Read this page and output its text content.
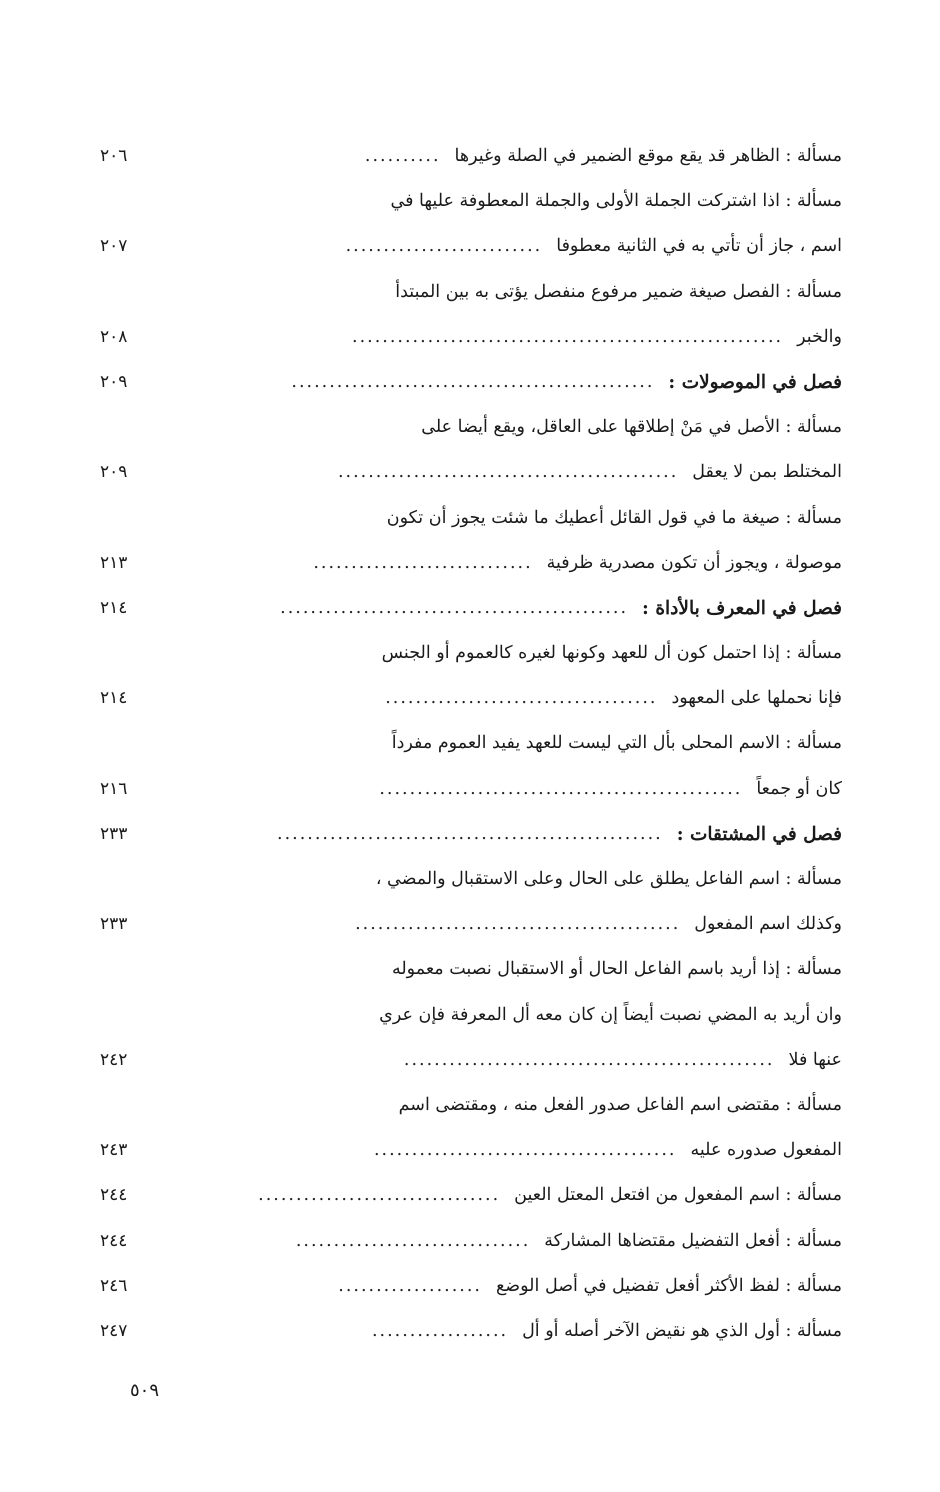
مسألة : الظاهر قد يقع موقع الضمير في الصلة وغيرها
..........
٢٠٦
مسألة : اذا اشتركت الجملة الأولى والجملة المعطوفة عليها في
اسم ، جاز أن تأتي به في الثانية معطوفا
..........................
٢٠٧
مسألة : الفصل صيغة ضمير مرفوع منفصل يؤتى به بين المبتدأ
والخبر
.........................................................
٢٠٨
فصل في الموصولات :
................................................
٢٠٩
مسألة : الأصل في مَنْ إطلاقها على العاقل، ويقع أيضا على
المختلط بمن لا يعقل
.............................................
٢٠٩
مسألة : صيغة ما في قول القائل أعطيك ما شئت يجوز أن تكون
موصولة ، ويجوز أن تكون مصدرية ظرفية
.............................
٢١٣
فصل في المعرف بالأداة :
..............................................
٢١٤
مسألة : إذا احتمل كون أل للعهد وكونها لغيره كالعموم أو الجنس
فإنا نحملها على المعهود
....................................
٢١٤
مسألة : الاسم المحلى بأل التي ليست للعهد يفيد العموم مفرداً
كان أو جمعاً
................................................
٢١٦
فصل في المشتقات :
...................................................
٢٣٣
مسألة : اسم الفاعل يطلق على الحال وعلى الاستقبال والمضي ،
وكذلك اسم المفعول
...........................................
٢٣٣
مسألة : إذا أريد باسم الفاعل الحال أو الاستقبال نصبت معموله
وان أريد به المضي نصبت أيضاً إن كان معه أل المعرفة فإن عري
عنها فلا
.................................................
٢٤٢
مسألة : مقتضى اسم الفاعل صدور الفعل منه ، ومقتضى اسم
المفعول صدوره عليه
........................................
٢٤٣
مسألة : اسم المفعول من افتعل المعتل العين
................................
٢٤٤
مسألة : أفعل التفضيل مقتضاها المشاركة
...............................
٢٤٤
مسألة : لفظ الأكثر أفعل تفضيل في أصل الوضع
...................
٢٤٦
مسألة : أول الذي هو نقيض الآخر أصله أو أل
..................
٢٤٧
٥٠٩
